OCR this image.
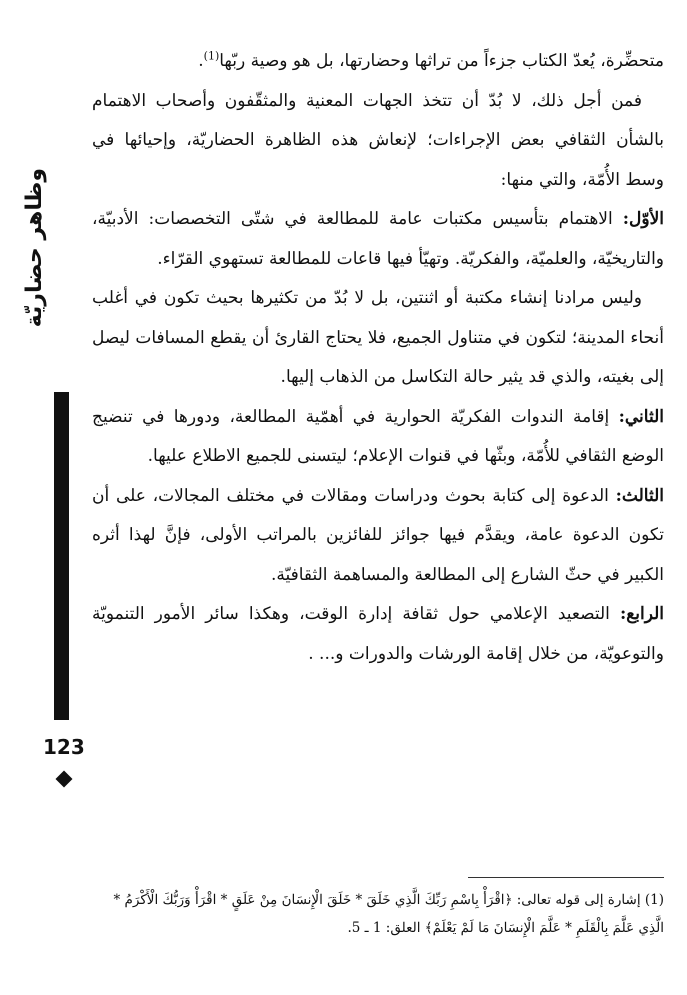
وظاهر حضاريّة
123

متحضِّرة، يُعدّ الكتاب جزءاً من تراثها وحضارتها، بل هو وصية ربّها$^{(1)}$.

فمن أجل ذلك، لا بُدّ أن تتخذ الجهات المعنية والمثقّفون وأصحاب الاهتمام بالشأن الثقافي بعض الإجراءات؛ لإنعاش هذه الظاهرة الحضاريّة، وإحيائها في وسط الأُمّة، والتي منها:

الأوّل: الاهتمام بتأسيس مكتبات عامة للمطالعة في شتّى التخصصات: الأدبيّة، والتاريخيّة، والعلميّة، والفكريّة. وتهيّأ فيها قاعات للمطالعة تستهوي القرّاء.

وليس مرادنا إنشاء مكتبة أو اثنتين، بل لا بُدّ من تكثيرها بحيث تكون في أغلب أنحاء المدينة؛ لتكون في متناول الجميع، فلا يحتاج القارئ أن يقطع المسافات ليصل إلى بغيته، والذي قد يثير حالة التكاسل من الذهاب إليها.

الثاني: إقامة الندوات الفكريّة الحوارية في أهمّية المطالعة، ودورها في تنضيج الوضع الثقافي للأُمّة، وبثّها في قنوات الإعلام؛ ليتسنى للجميع الاطلاع عليها.

الثالث: الدعوة إلى كتابة بحوث ودراسات ومقالات في مختلف المجالات، على أن تكون الدعوة عامة، ويقدَّم فيها جوائز للفائزين بالمراتب الأولى، فإنَّ لهذا أثره الكبير في حثّ الشارع إلى المطالعة والمساهمة الثقافيّة.

الرابع: التصعيد الإعلامي حول ثقافة إدارة الوقت، وهكذا سائر الأمور التنمويّة والتوعويّة، من خلال إقامة الورشات والدورات و... .

(1) إشارة إلى قوله تعالى: ﴿اقْرَأْ بِاسْمِ رَبِّكَ الَّذِي خَلَقَ * خَلَقَ الْإِنسَانَ مِنْ عَلَقٍ * اقْرَأْ وَرَبُّكَ الْأَكْرَمُ * الَّذِي عَلَّمَ بِالْقَلَمِ * عَلَّمَ الْإِنسَانَ مَا لَمْ يَعْلَمْ﴾ العلق: 1 ـ 5.
